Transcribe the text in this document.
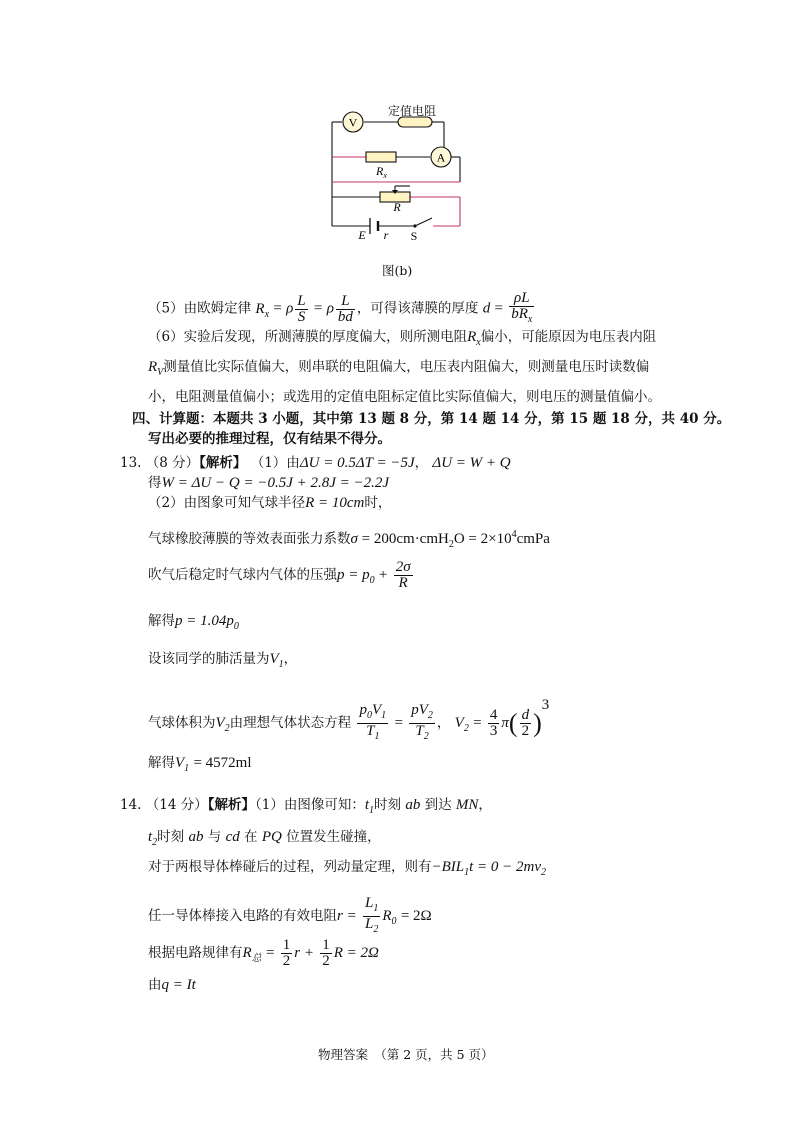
V
A
$R_x$
R
E r S
定值电阻
图(b)
（5）由欧姆定律 $R_x = \rho \frac{L}{S} = \rho \frac{L}{bd}$ ，可得该薄膜的厚度 $d = \frac{\rho L}{bR_x}$
（6）实验后发现，所测薄膜的厚度偏大，则所测电阻$R_x$偏小，可能原因为电压表内阻
$R_V$测量值比实际值偏大，则串联的电阻偏大，电压表内阻偏大，则测量电压时读数偏
小，电阻测量值偏小；或选用的定值电阻标定值比实际值偏大，则电压的测量值偏小。
四、计算题：本题共 3 小题，其中第 13 题 8 分，第 14 题 14 分，第 15 题 18 分，共 40 分。
写出必要的推理过程，仅有结果不得分。
13. （8 分）【解析】 （1）由ΔU = 0.5ΔT = −5J， ΔU = W + Q
得W = ΔU − Q = −0.5J + 2.8J = −2.2J
（2）由图象可知气球半径R = 10cm时，
气球橡胶薄膜的等效表面张力系数$\sigma = 200cm\cdot cmH_2O = 2\times 10^4cmPa$
吹气后稳定时气球内气体的压强$p = p_0 + \frac{2\sigma}{R}$
解得$p = 1.04p_0$
设该同学的肺活量为$V_1$，
气球体积为$V_2$由理想气体状态方程 $\frac{p_0V_1}{T_1} = \frac{pV_2}{T_2}$ ， $V_2 = \frac{4}{3} \pi( \frac{d}{2} )^3$
解得$V_1 = 4572ml$
14. （14 分）【解析】（1）由图像可知：$t_1$时刻 ab 到达 MN，
$t_2$时刻 ab 与 cd 在 PQ 位置发生碰撞，
对于两根导体棒碰后的过程，列动量定理，则有$-BIL_1t = 0 - 2mv_2$
任一导体棒接入电路的有效电阻$r = \frac{L_1}{L_2} R_0 = 2\Omega$
根据电路规律有$R_总 = \frac{1}{2}$ $r + \frac{1}{2}$ R = 2Ω
由q = It
物理答案　（第 2 页，共 5 页）
